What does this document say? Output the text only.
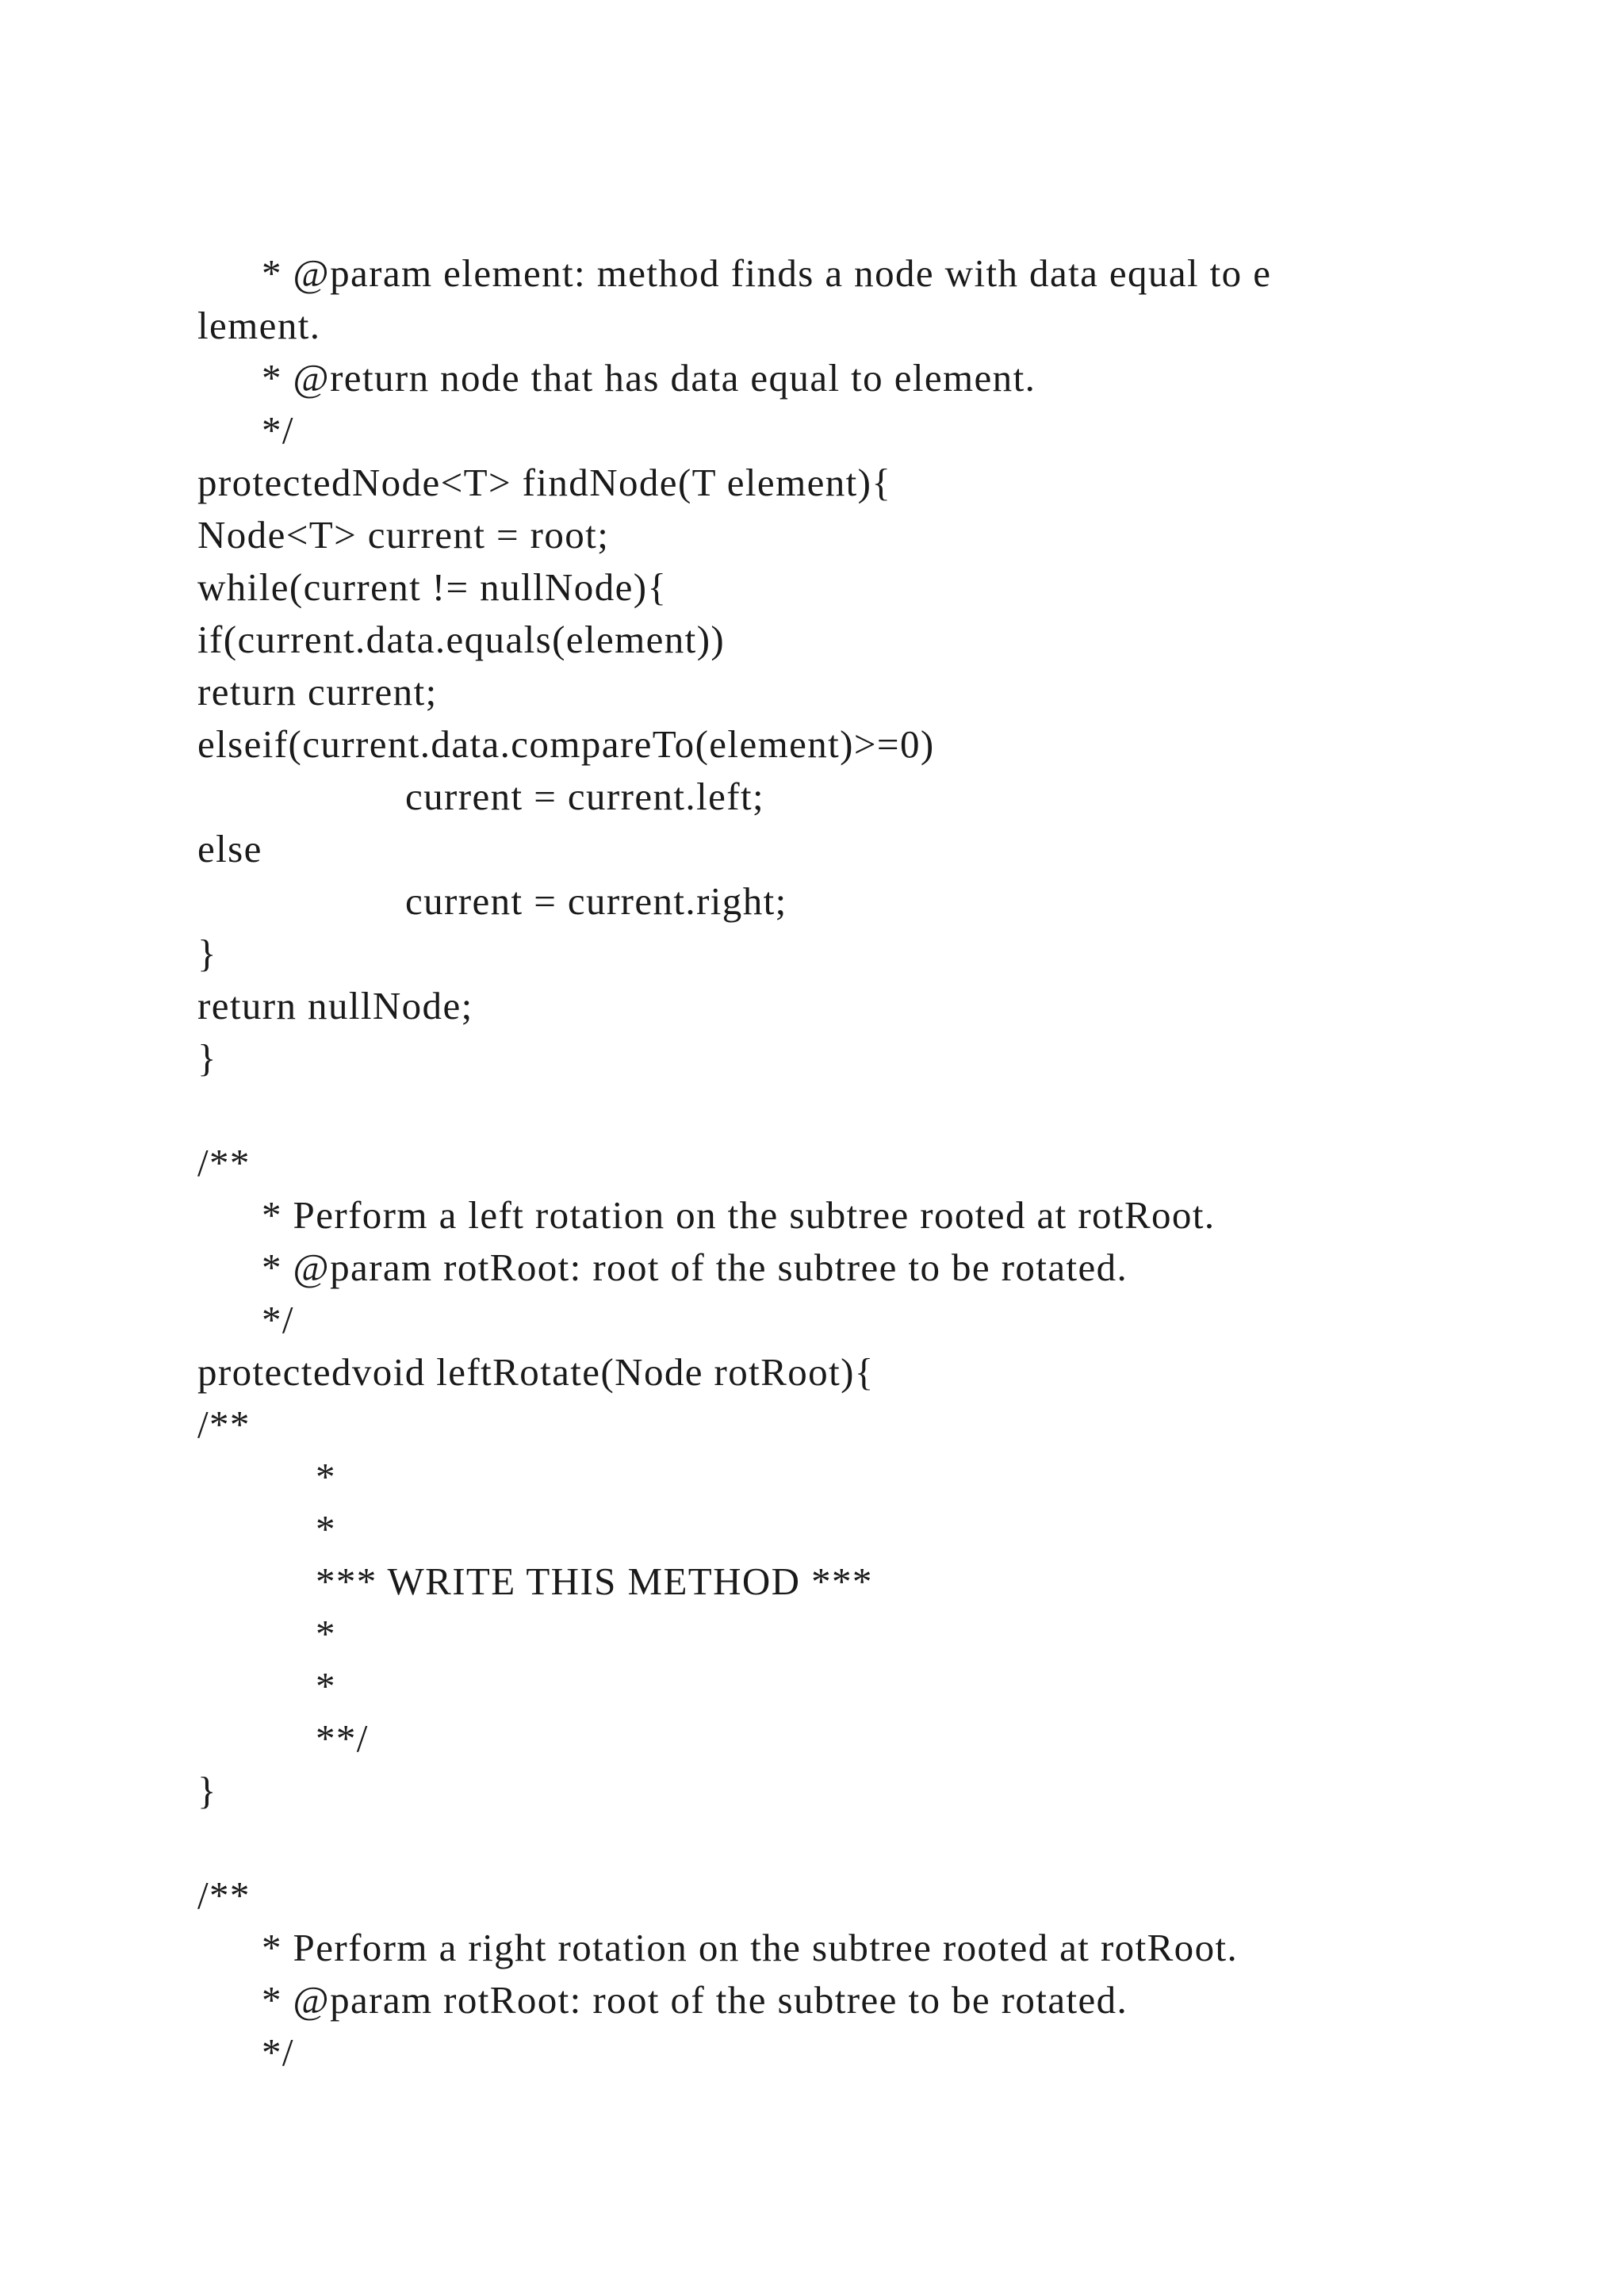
* @param element: method finds a node with data equal to e
lement.
* @return node that has data equal to element.
*/
protectedNode<T> findNode(T element){
Node<T> current = root;
while(current != nullNode){
if(current.data.equals(element))
return current;
elseif(current.data.compareTo(element)>=0)
current = current.left;
else
current = current.right;
}
return nullNode;
}
/**
* Perform a left rotation on the subtree rooted at rotRoot.
* @param rotRoot: root of the subtree to be rotated.
*/
protectedvoid leftRotate(Node rotRoot){
/**
*
*
*** WRITE THIS METHOD ***
*
*
**/
}
/**
* Perform a right rotation on the subtree rooted at rotRoot.
* @param rotRoot: root of the subtree to be rotated.
*/
